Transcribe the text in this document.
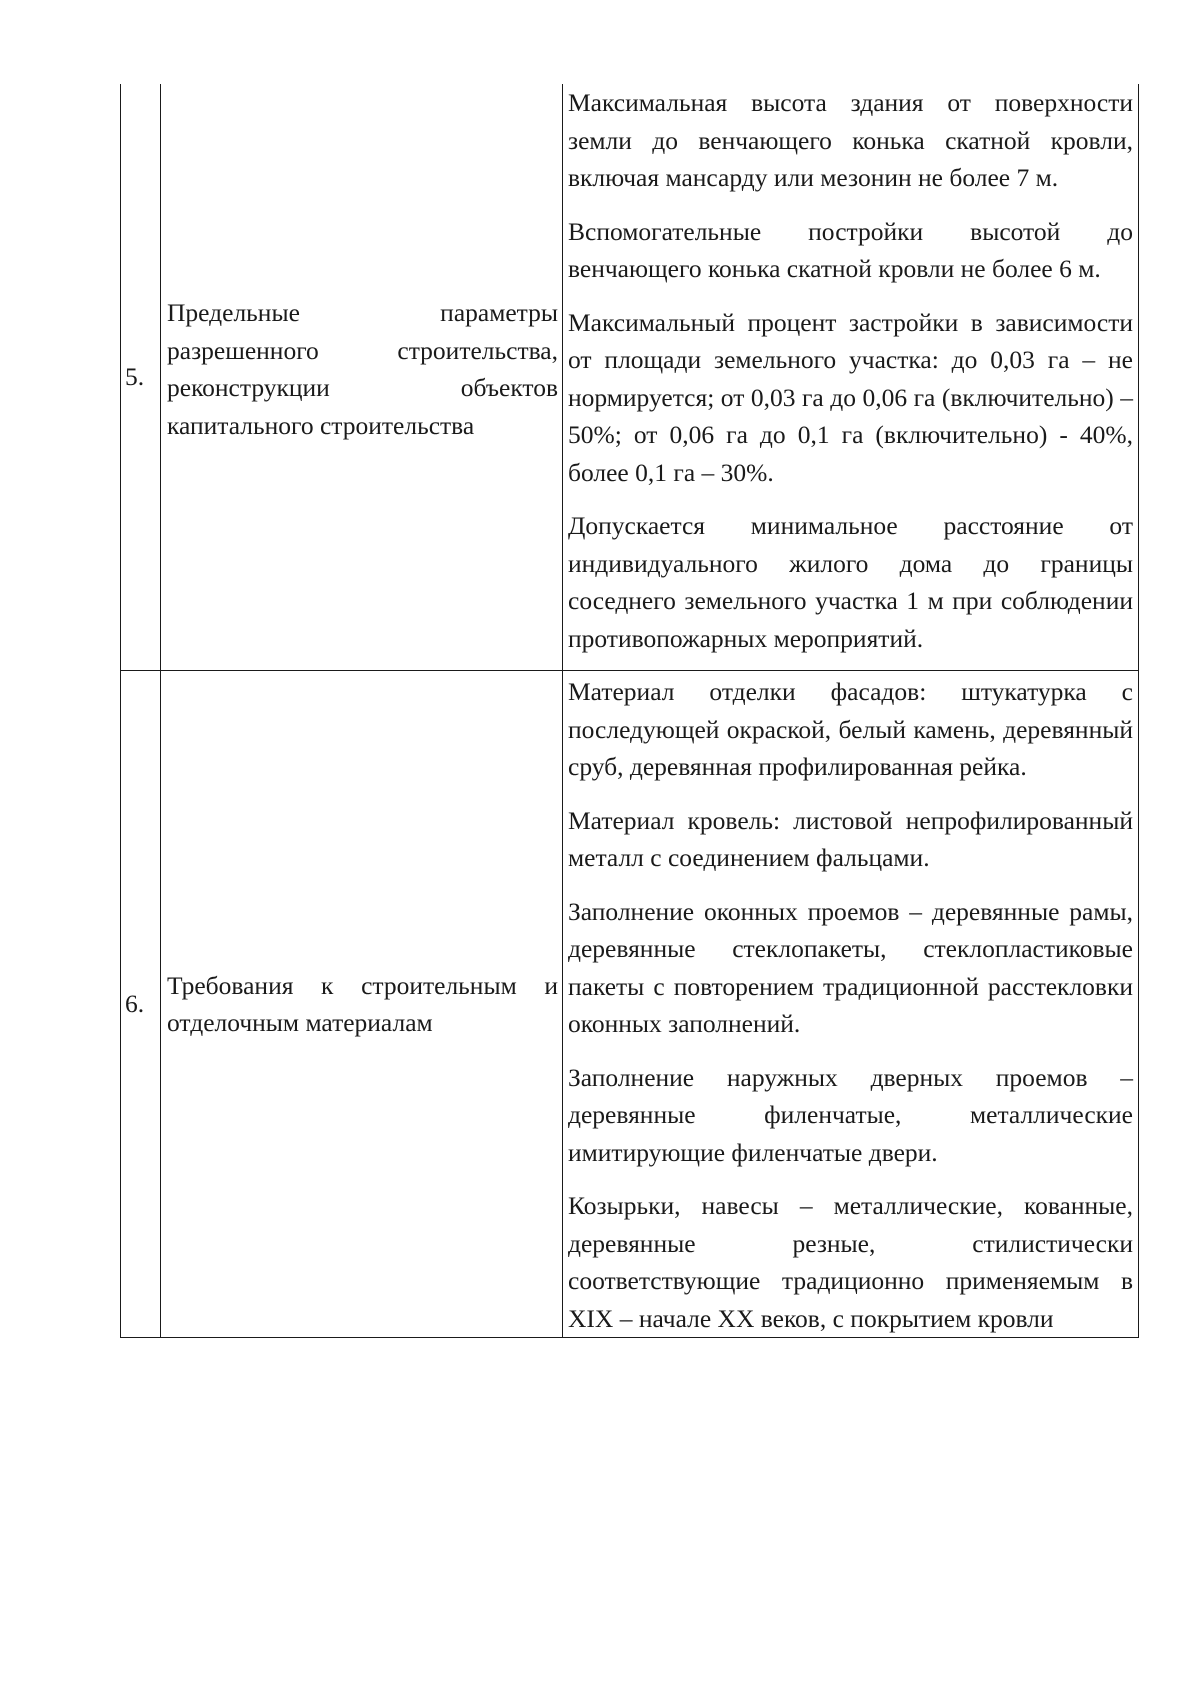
5.	Предельные параметры разрешенного строительства, реконструкции объектов капитального строительства	Максимальная высота здания от поверхности земли до венчающего конька скатной кровли, включая мансарду или мезонин не более 7 м.

Вспомогательные постройки высотой до венчающего конька скатной кровли не более 6 м.

Максимальный процент застройки в зависимости от площади земельного участка: до 0,03 га – не нормируется; от 0,03 га до 0,06 га (включительно) – 50%; от 0,06 га до 0,1 га (включительно) - 40%, более 0,1 га – 30%.

Допускается минимальное расстояние от индивидуального жилого дома до границы соседнего земельного участка 1 м при соблюдении противопожарных мероприятий.

6.	Требования к строительным и отделочным материалам	Материал отделки фасадов: штукатурка с последующей окраской, белый камень, деревянный сруб, деревянная профилированная рейка.

Материал кровель: листовой непрофилированный металл с соединением фальцами.

Заполнение оконных проемов – деревянные рамы, деревянные стеклопакеты, стеклопластиковые пакеты с повторением традиционной расстекловки оконных заполнений.

Заполнение наружных дверных проемов – деревянные филенчатые, металлические имитирующие филенчатые двери.

Козырьки, навесы – металлические, кованные, деревянные резные, стилистически соответствующие традиционно применяемым в XIX – начале XX веков, с покрытием кровли
